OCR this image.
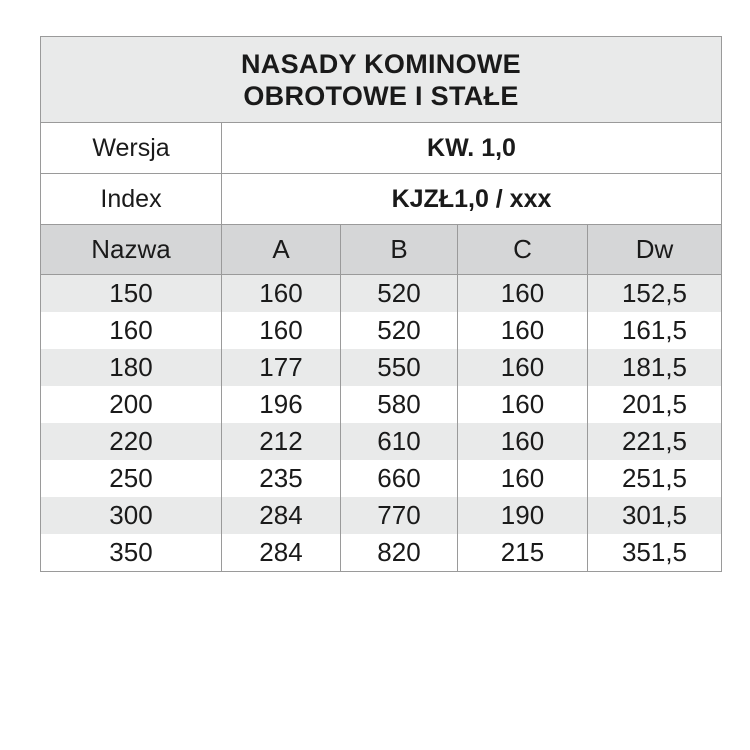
NASADY KOMINOWE
OBROTOWE I STAŁE				

Wersja	KW. 1,0			
Index	KJZŁ1,0 / xxx			
Nazwa	A	B	C	Dw
150	160	520	160	152,5
160	160	520	160	161,5
180	177	550	160	181,5
200	196	580	160	201,5
220	212	610	160	221,5
250	235	660	160	251,5
300	284	770	190	301,5
350	284	820	215	351,5
